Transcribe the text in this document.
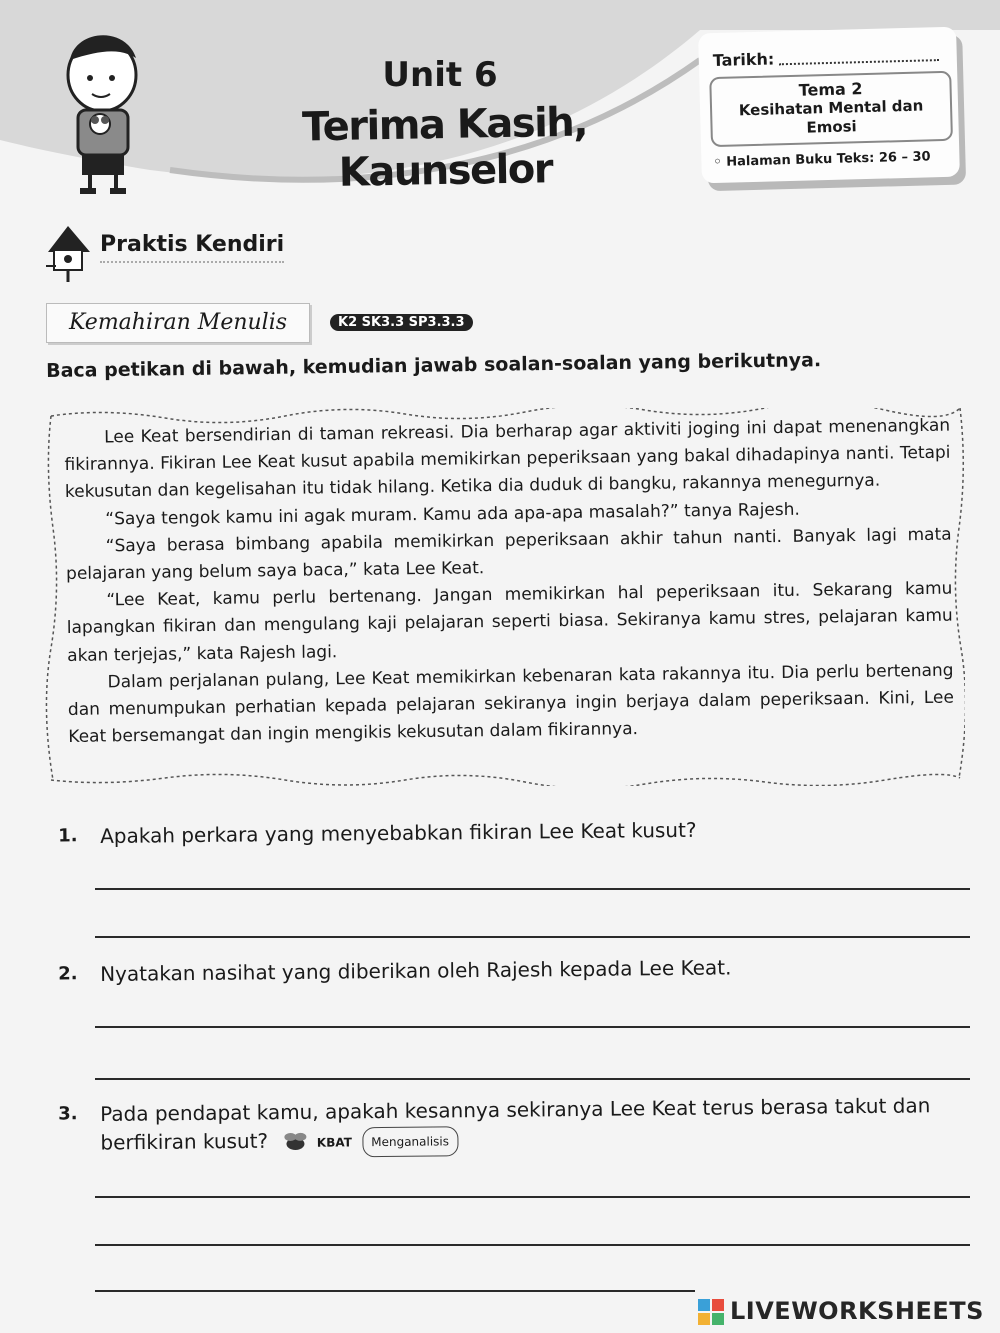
Unit 6
Terima Kasih, Kaunselor
Tarikh:
Tema 2
Kesihatan Mental dan Emosi
◦ Halaman Buku Teks: 26 – 30
Praktis Kendiri
Kemahiran Menulis	K2 SK3.3 SP3.3.3
Baca petikan di bawah, kemudian jawab soalan-soalan yang berikutnya.

Lee Keat bersendirian di taman rekreasi. Dia berharap agar aktiviti joging ini dapat menenangkan fikirannya. Fikiran Lee Keat kusut apabila memikirkan peperiksaan yang bakal dihadapinya nanti. Tetapi kekusutan dan kegelisahan itu tidak hilang. Ketika dia duduk di bangku, rakannya menegurnya.

“Saya tengok kamu ini agak muram. Kamu ada apa-apa masalah?” tanya Rajesh.

“Saya berasa bimbang apabila memikirkan peperiksaan akhir tahun nanti. Banyak lagi mata pelajaran yang belum saya baca,” kata Lee Keat.

“Lee Keat, kamu perlu bertenang. Jangan memikirkan hal peperiksaan itu. Sekarang kamu lapangkan fikiran dan mengulang kaji pelajaran seperti biasa. Sekiranya kamu stres, pelajaran kamu akan terjejas,” kata Rajesh lagi.

Dalam perjalanan pulang, Lee Keat memikirkan kebenaran kata rakannya itu. Dia perlu bertenang dan menumpukan perhatian kepada pelajaran sekiranya ingin berjaya dalam peperiksaan. Kini, Lee Keat bersemangat dan ingin mengikis kekusutan dalam fikirannya.

1. Apakah perkara yang menyebabkan fikiran Lee Keat kusut?
2. Nyatakan nasihat yang diberikan oleh Rajesh kepada Lee Keat.
3. Pada pendapat kamu, apakah kesannya sekiranya Lee Keat terus berasa takut dan berfikiran kusut?	KBAT Menganalisis
LIVEWORKSHEETS
